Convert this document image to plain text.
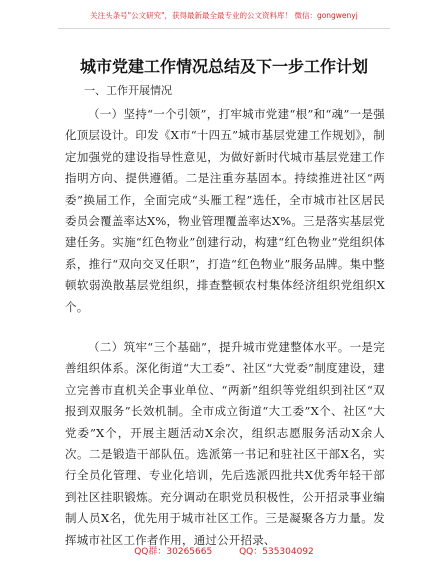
关注头条号"公文研究"，获得最新最全最专业的公文资料库！ 微信：gongwenyj
城市党建工作情况总结及下一步工作计划
一、工作开展情况

（一）坚持“一个引领”，打牢城市党建“根”和“魂”一是强化顶层设计。印发《X市“十四五”城市基层党建工作规划》，制定加强党的建设指导性意见，为做好新时代城市基层党建工作指明方向、提供遵循。二是注重夯基固本。持续推进社区“两委”换届工作，全面完成“头雁工程”选任，全市城市社区居民委员会覆盖率达X%，物业管理覆盖率达X%。三是落实基层党建任务。实施“红色物业”创建行动，构建“红色物业”党组织体系，推行“双向交叉任职”，打造“红色物业”服务品牌。集中整顿软弱涣散基层党组织，排查整顿农村集体经济组织党组织X个。

（二）筑牢“三个基础”，提升城市党建整体水平。一是完善组织体系。深化街道“大工委”、社区“大党委”制度建设，建立完善市直机关企事业单位、“两新”组织等党组织到社区“双报到双服务”长效机制。全市成立街道“大工委”X个、社区“大党委”X个，开展主题活动X余次，组织志愿服务活动X余人次。二是锻造干部队伍。选派第一书记和驻社区干部X名，实行全员化管理、专业化培训，先后选派四批共X优秀年轻干部到社区挂职锻炼。充分调动在职党员积极性，公开招录事业编制人员X名，优先用于城市社区工作。三是凝聚各方力量。发挥城市社区工作者作用，通过公开招录、

QQ群：30265665	QQ：535304092
